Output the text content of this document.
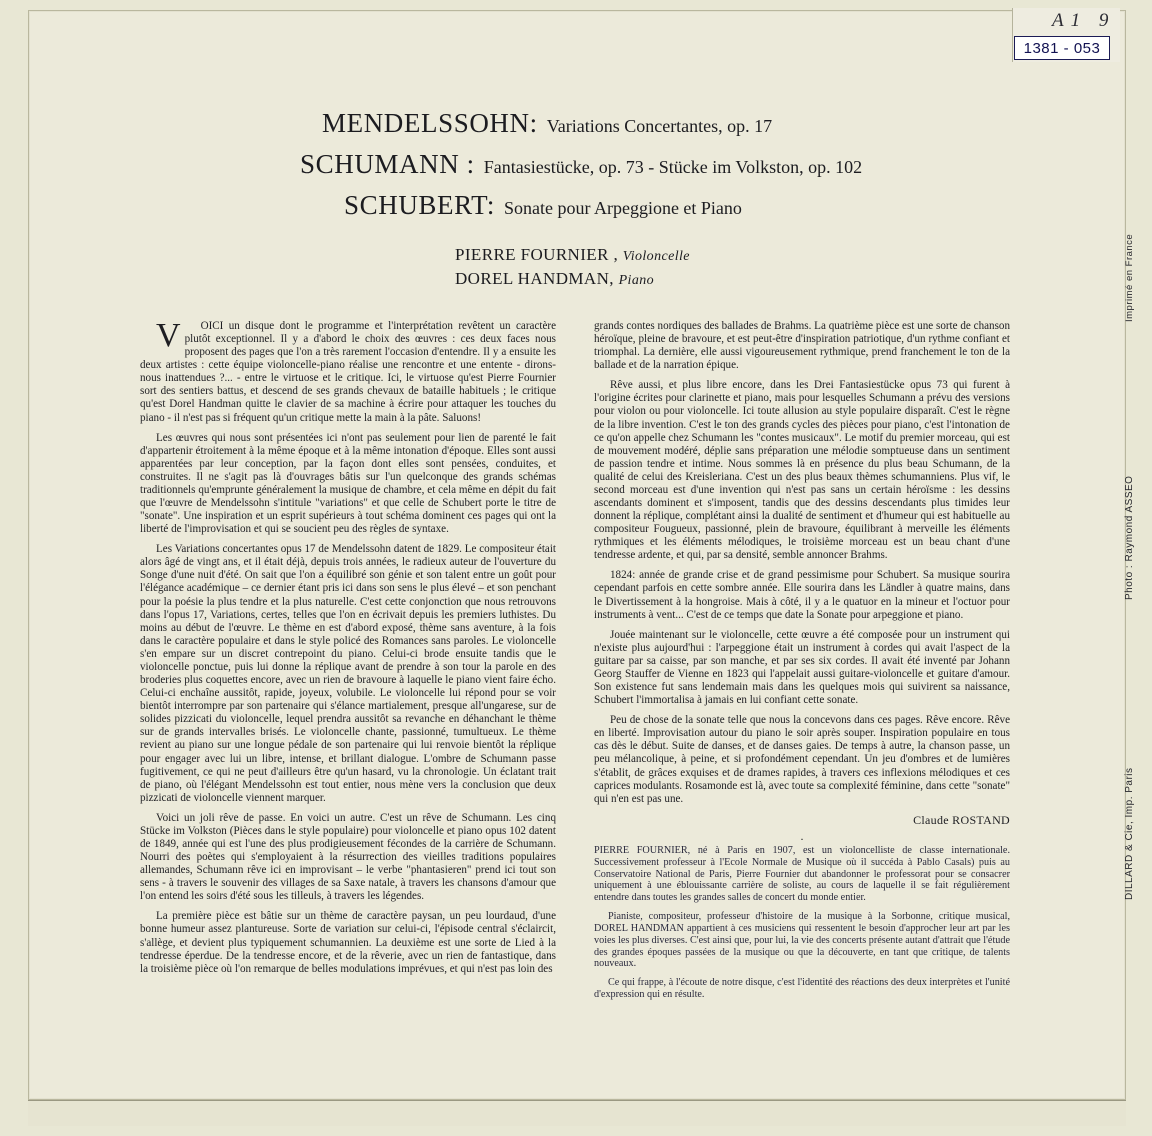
A1 9
1381 - 053
MENDELSSOHN: Variations Concertantes, op. 17
SCHUMANN : Fantasiestücke, op. 73 - Stücke im Volkston, op. 102
SCHUBERT: Sonate pour Arpeggione et Piano
PIERRE FOURNIER , Violoncelle
DOREL HANDMAN, Piano

V	OICI un disque dont le programme et l'interprétation revêtent un caractère plutôt exceptionnel. Il y a d'abord le choix des œuvres : ces deux faces nous proposent des pages que l'on a très rarement l'occasion d'entendre. Il y a ensuite les deux artistes : cette équipe violoncelle-piano réalise une rencontre et une entente - dirons-nous inattendues ?... - entre le virtuose et le critique. Ici, le virtuose qu'est Pierre Fournier sort des sentiers battus, et descend de ses grands chevaux de bataille habituels ; le critique qu'est Dorel Handman quitte le clavier de sa machine à écrire pour attaquer les touches du piano - il n'est pas si fréquent qu'un critique mette la main à la pâte. Saluons!

Les œuvres qui nous sont présentées ici n'ont pas seulement pour lien de parenté le fait d'appartenir étroitement à la même époque et à la même intonation d'époque. Elles sont aussi apparentées par leur conception, par la façon dont elles sont pensées, conduites, et construites. Il ne s'agit pas là d'ouvrages bâtis sur l'un quelconque des grands schémas traditionnels qu'emprunte généralement la musique de chambre, et cela même en dépit du fait que l'œuvre de Mendelssohn s'intitule "variations" et que celle de Schubert porte le titre de "sonate". Une inspiration et un esprit supérieurs à tout schéma dominent ces pages qui ont la liberté de l'improvisation et qui se soucient peu des règles de syntaxe.

Les Variations concertantes opus 17 de Mendelssohn datent de 1829. Le compositeur était alors âgé de vingt ans, et il était déjà, depuis trois années, le radieux auteur de l'ouverture du Songe d'une nuit d'été. On sait que l'on a équilibré son génie et son talent entre un goût pour l'élégance académique – ce dernier étant pris ici dans son sens le plus élevé – et son penchant pour la poésie la plus tendre et la plus naturelle. C'est cette conjonction que nous retrouvons dans l'opus 17, Variations, certes, telles que l'on en écrivait depuis les premiers luthistes. Du moins au début de l'œuvre. Le thème en est d'abord exposé, thème sans aventure, à la fois dans le caractère populaire et dans le style policé des Romances sans paroles. Le violoncelle s'en empare sur un discret contrepoint du piano. Celui-ci brode ensuite tandis que le violoncelle ponctue, puis lui donne la réplique avant de prendre à son tour la parole en des broderies plus coquettes encore, avec un rien de bravoure à laquelle le piano vient faire écho. Celui-ci enchaîne aussitôt, rapide, joyeux, volubile. Le violoncelle lui répond pour se voir bientôt interrompre par son partenaire qui s'élance martialement, presque all'ungarese, sur de solides pizzicati du violoncelle, lequel prendra aussitôt sa revanche en déhanchant le thème sur de grands intervalles brisés. Le violoncelle chante, passionné, tumultueux. Le thème revient au piano sur une longue pédale de son partenaire qui lui renvoie bientôt la réplique pour engager avec lui un libre, intense, et brillant dialogue. L'ombre de Schumann passe fugitivement, ce qui ne peut d'ailleurs être qu'un hasard, vu la chronologie. Un éclatant trait de piano, où l'élégant Mendelssohn est tout entier, nous mène vers la conclusion que deux pizzicati de violoncelle viennent marquer.

Voici un joli rêve de passe. En voici un autre. C'est un rêve de Schumann. Les cinq Stücke im Volkston (Pièces dans le style populaire) pour violoncelle et piano opus 102 datent de 1849, année qui est l'une des plus prodigieusement fécondes de la carrière de Schumann. Nourri des poètes qui s'employaient à la résurrection des vieilles traditions populaires allemandes, Schumann rêve ici en improvisant – le verbe "phantasieren" prend ici tout son sens - à travers le souvenir des villages de sa Saxe natale, à travers les chansons d'amour que l'on entend les soirs d'été sous les tilleuls, à travers les légendes.

La première pièce est bâtie sur un thème de caractère paysan, un peu lourdaud, d'une bonne humeur assez plantureuse. Sorte de variation sur celui-ci, l'épisode central s'éclaircit, s'allège, et devient plus typiquement schumannien. La deuxième est une sorte de Lied à la tendresse éperdue. De la tendresse encore, et de la rêverie, avec un rien de fantastique, dans la troisième pièce où l'on remarque de belles modulations imprévues, et qui n'est pas loin des

grands contes nordiques des ballades de Brahms. La quatrième pièce est une sorte de chanson héroïque, pleine de bravoure, et est peut-être d'inspiration patriotique, d'un rythme confiant et triomphal. La dernière, elle aussi vigoureusement rythmique, prend franchement le ton de la ballade et de la narration épique.

Rêve aussi, et plus libre encore, dans les Drei Fantasiestücke opus 73 qui furent à l'origine écrites pour clarinette et piano, mais pour lesquelles Schumann a prévu des versions pour violon ou pour violoncelle. Ici toute allusion au style populaire disparaît. C'est le règne de la libre invention. C'est le ton des grands cycles des pièces pour piano, c'est l'intonation de ce qu'on appelle chez Schumann les "contes musicaux". Le motif du premier morceau, qui est de mouvement modéré, déplie sans préparation une mélodie somptueuse dans un sentiment de passion tendre et intime. Nous sommes là en présence du plus beau Schumann, de la qualité de celui des Kreisleriana. C'est un des plus beaux thèmes schumanniens. Plus vif, le second morceau est d'une invention qui n'est pas sans un certain héroïsme : les dessins ascendants dominent et s'imposent, tandis que des dessins descendants plus timides leur donnent la réplique, complétant ainsi la dualité de sentiment et d'humeur qui est habituelle au compositeur Fougueux, passionné, plein de bravoure, équilibrant à merveille les éléments rythmiques et les éléments mélodiques, le troisième morceau est un beau chant d'une tendresse ardente, et qui, par sa densité, semble annoncer Brahms.

1824: année de grande crise et de grand pessimisme pour Schubert. Sa musique sourira cependant parfois en cette sombre année. Elle sourira dans les Ländler à quatre mains, dans le Divertissement à la hongroise. Mais à côté, il y a le quatuor en la mineur et l'octuor pour instruments à vent... C'est de ce temps que date la Sonate pour arpeggione et piano.

Jouée maintenant sur le violoncelle, cette œuvre a été composée pour un instrument qui n'existe plus aujourd'hui : l'arpeggione était un instrument à cordes qui avait l'aspect de la guitare par sa caisse, par son manche, et par ses six cordes. Il avait été inventé par Johann Georg Stauffer de Vienne en 1823 qui l'appelait aussi guitare-violoncelle et guitare d'amour. Son existence fut sans lendemain mais dans les quelques mois qui suivirent sa naissance, Schubert l'immortalisa à jamais en lui confiant cette sonate.

Peu de chose de la sonate telle que nous la concevons dans ces pages. Rêve encore. Rêve en liberté. Improvisation autour du piano le soir après souper. Inspiration populaire en tous cas dès le début. Suite de danses, et de danses gaies. De temps à autre, la chanson passe, un peu mélancolique, à peine, et si profondément cependant. Un jeu d'ombres et de lumières s'établit, de grâces exquises et de drames rapides, à travers ces inflexions mélodiques et ces caprices modulants. Rosamonde est là, avec toute sa complexité féminine, dans cette "sonate" qui n'en est pas une.

Claude ROSTAND
.

PIERRE FOURNIER, né à Paris en 1907, est un violoncelliste de classe internationale. Successivement professeur à l'Ecole Normale de Musique où il succéda à Pablo Casals) puis au Conservatoire National de Paris, Pierre Fournier dut abandonner le professorat pour se consacrer uniquement à une éblouissante carrière de soliste, au cours de laquelle il se fait régulièrement entendre dans toutes les grandes salles de concert du monde entier.

Pianiste, compositeur, professeur d'histoire de la musique à la Sorbonne, critique musical, DOREL HANDMAN appartient à ces musiciens qui ressentent le besoin d'approcher leur art par les voies les plus diverses. C'est ainsi que, pour lui, la vie des concerts présente autant d'attrait que l'étude des grandes époques passées de la musique ou que la découverte, en tant que critique, de talents nouveaux.

Ce qui frappe, à l'écoute de notre disque, c'est l'identité des réactions des deux interprètes et l'unité d'expression qui en résulte.

Imprimé en France
Photo : Raymond ASSEO
DILLARD & Cie, Imp. Paris
